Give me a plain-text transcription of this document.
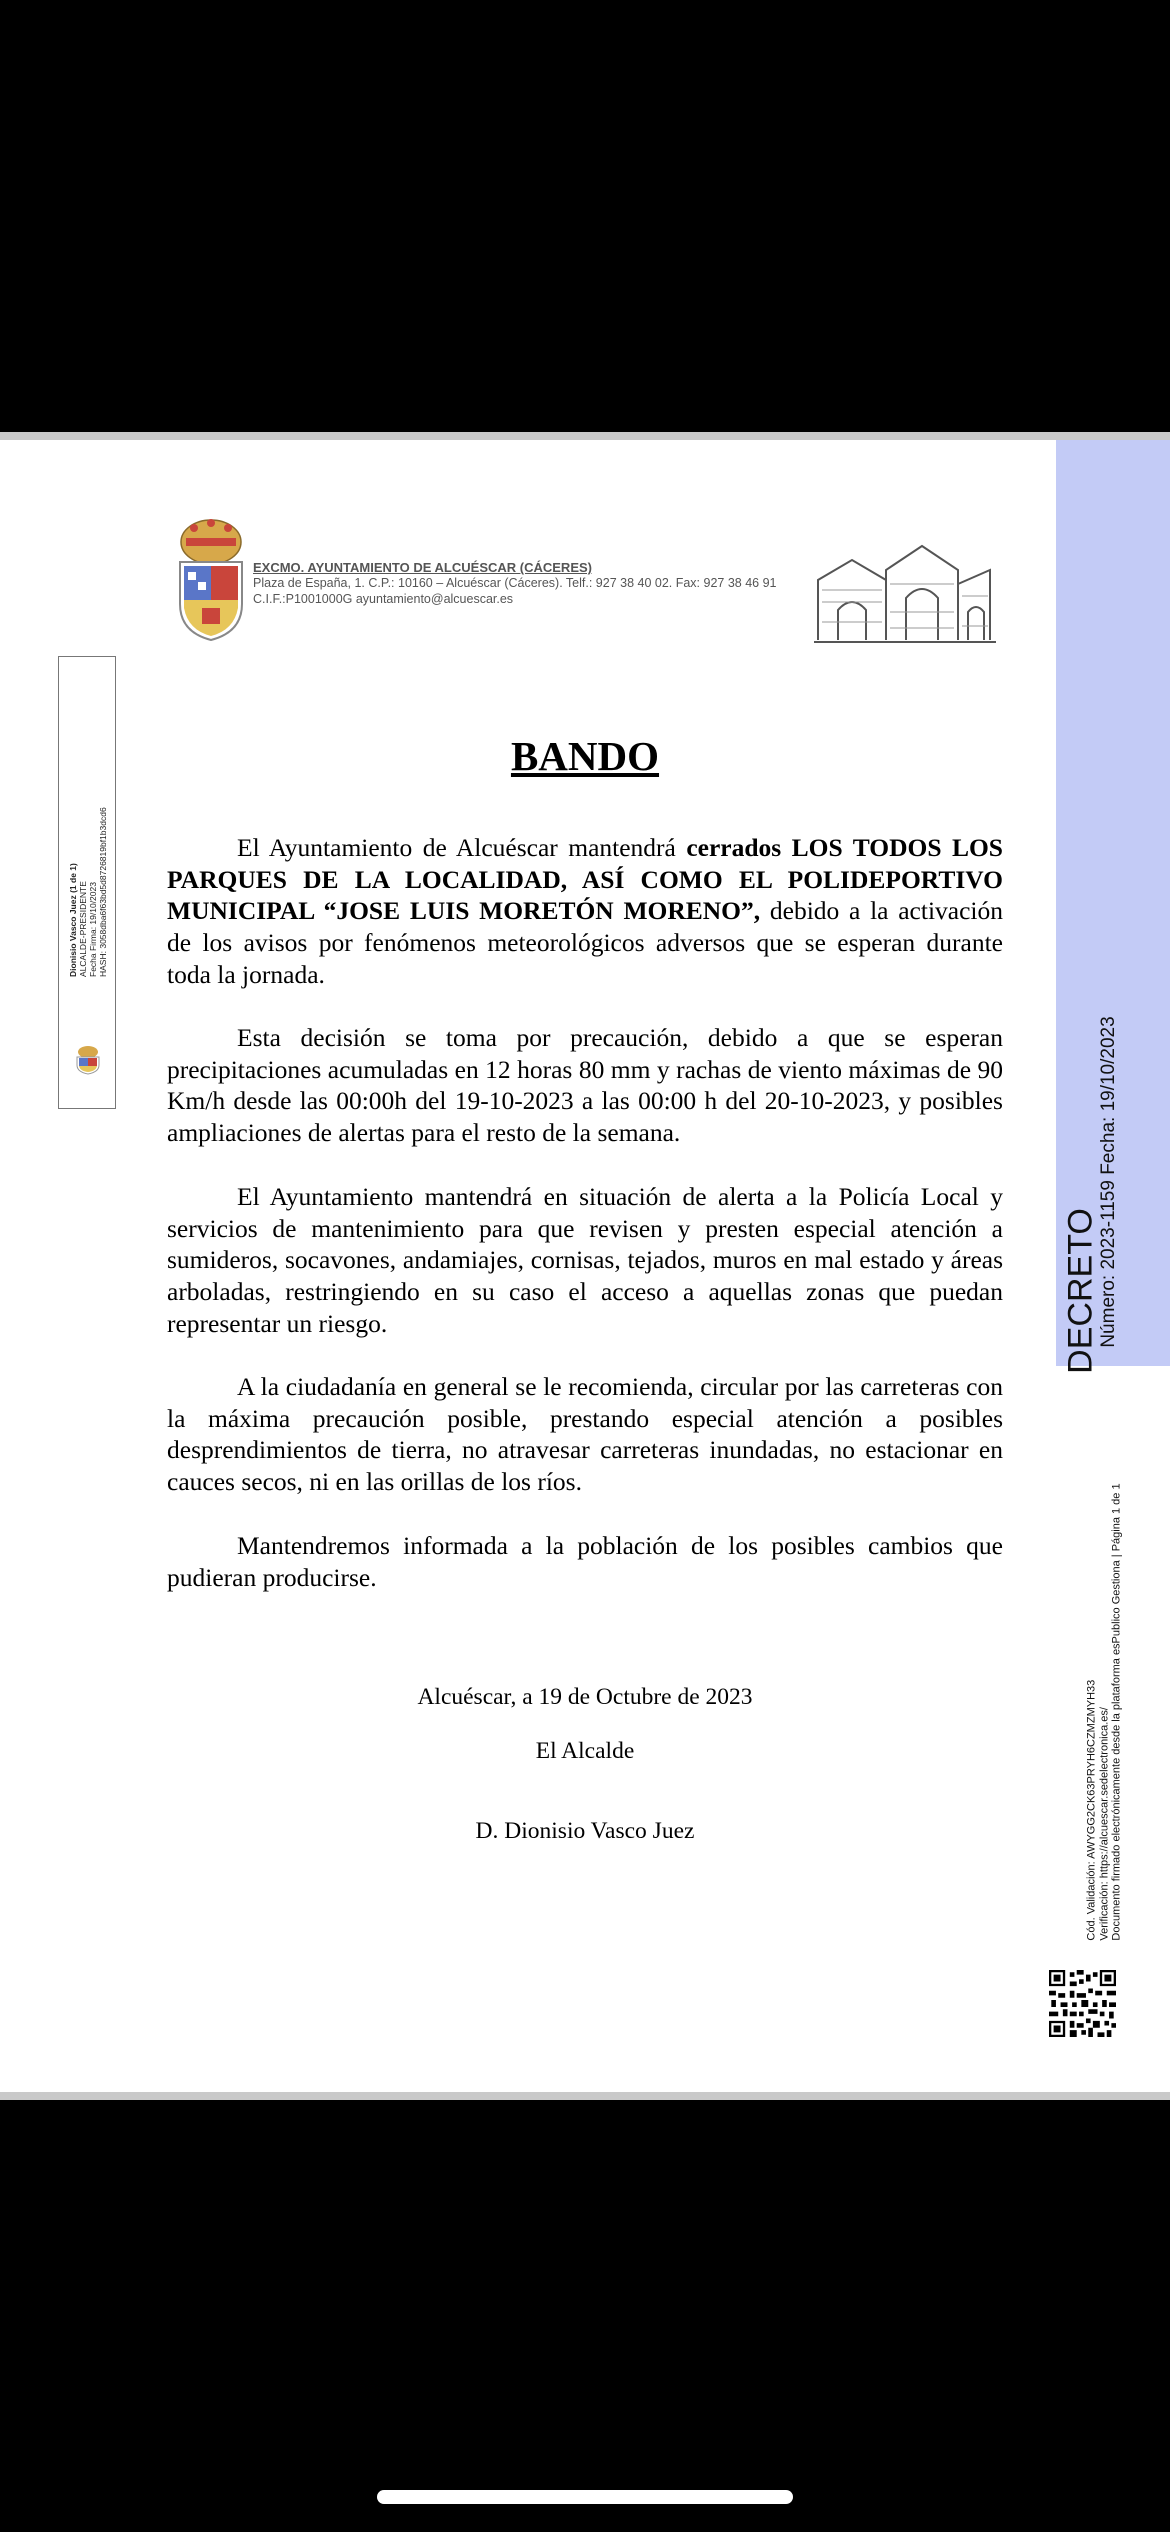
EXCMO. AYUNTAMIENTO DE ALCUÉSCAR (CÁCERES)
Plaza de España, 1. C.P.: 10160 – Alcuéscar (Cáceres). Telf.: 927 38 40 02. Fax: 927 38 46 91
C.I.F.:P1001000G ayuntamiento@alcuescar.es
Dionisio Vasco Juez (1 de 1) ALCALDE-PRESIDENTE Fecha Firma: 19/10/2023 HASH: 3058dba6f63bd5d8726819bf1b3dcd6
BANDO

El Ayuntamiento de Alcuéscar mantendrá cerrados LOS TODOS LOS PARQUES DE LA LOCALIDAD, ASÍ COMO EL POLIDEPORTIVO MUNICIPAL “JOSE LUIS MORETÓN MORENO”, debido a la activación de los avisos por fenómenos meteorológicos adversos que se esperan durante toda la jornada.

Esta decisión se toma por precaución, debido a que se esperan precipitaciones acumuladas en 12 horas 80 mm y rachas de viento máximas de 90 Km/h desde las 00:00h del 19-10-2023 a las 00:00 h del 20-10-2023, y posibles ampliaciones de alertas para el resto de la semana.

El Ayuntamiento mantendrá en situación de alerta a la Policía Local y servicios de mantenimiento para que revisen y presten especial atención a sumideros, socavones, andamiajes, cornisas, tejados, muros en mal estado y áreas arboladas, restringiendo en su caso el acceso a aquellas zonas que puedan representar un riesgo.

A la ciudadanía en general se le recomienda, circular por las carreteras con la máxima precaución posible, prestando especial atención a posibles desprendimientos de tierra, no atravesar carreteras inundadas, no estacionar en cauces secos, ni en las orillas de los ríos.

Mantendremos informada a la población de los posibles cambios que pudieran producirse.

Alcuéscar, a 19 de Octubre de 2023
El Alcalde
D. Dionisio Vasco Juez
DECRETO
Número: 2023-1159 Fecha: 19/10/2023
Cód. Validación: AWYGG2CK63PRYH6CZMZMYH33 Verificación: https://alcuescar.sedelectronica.es/ Documento firmado electrónicamente desde la plataforma esPublico Gestiona | Página 1 de 1
